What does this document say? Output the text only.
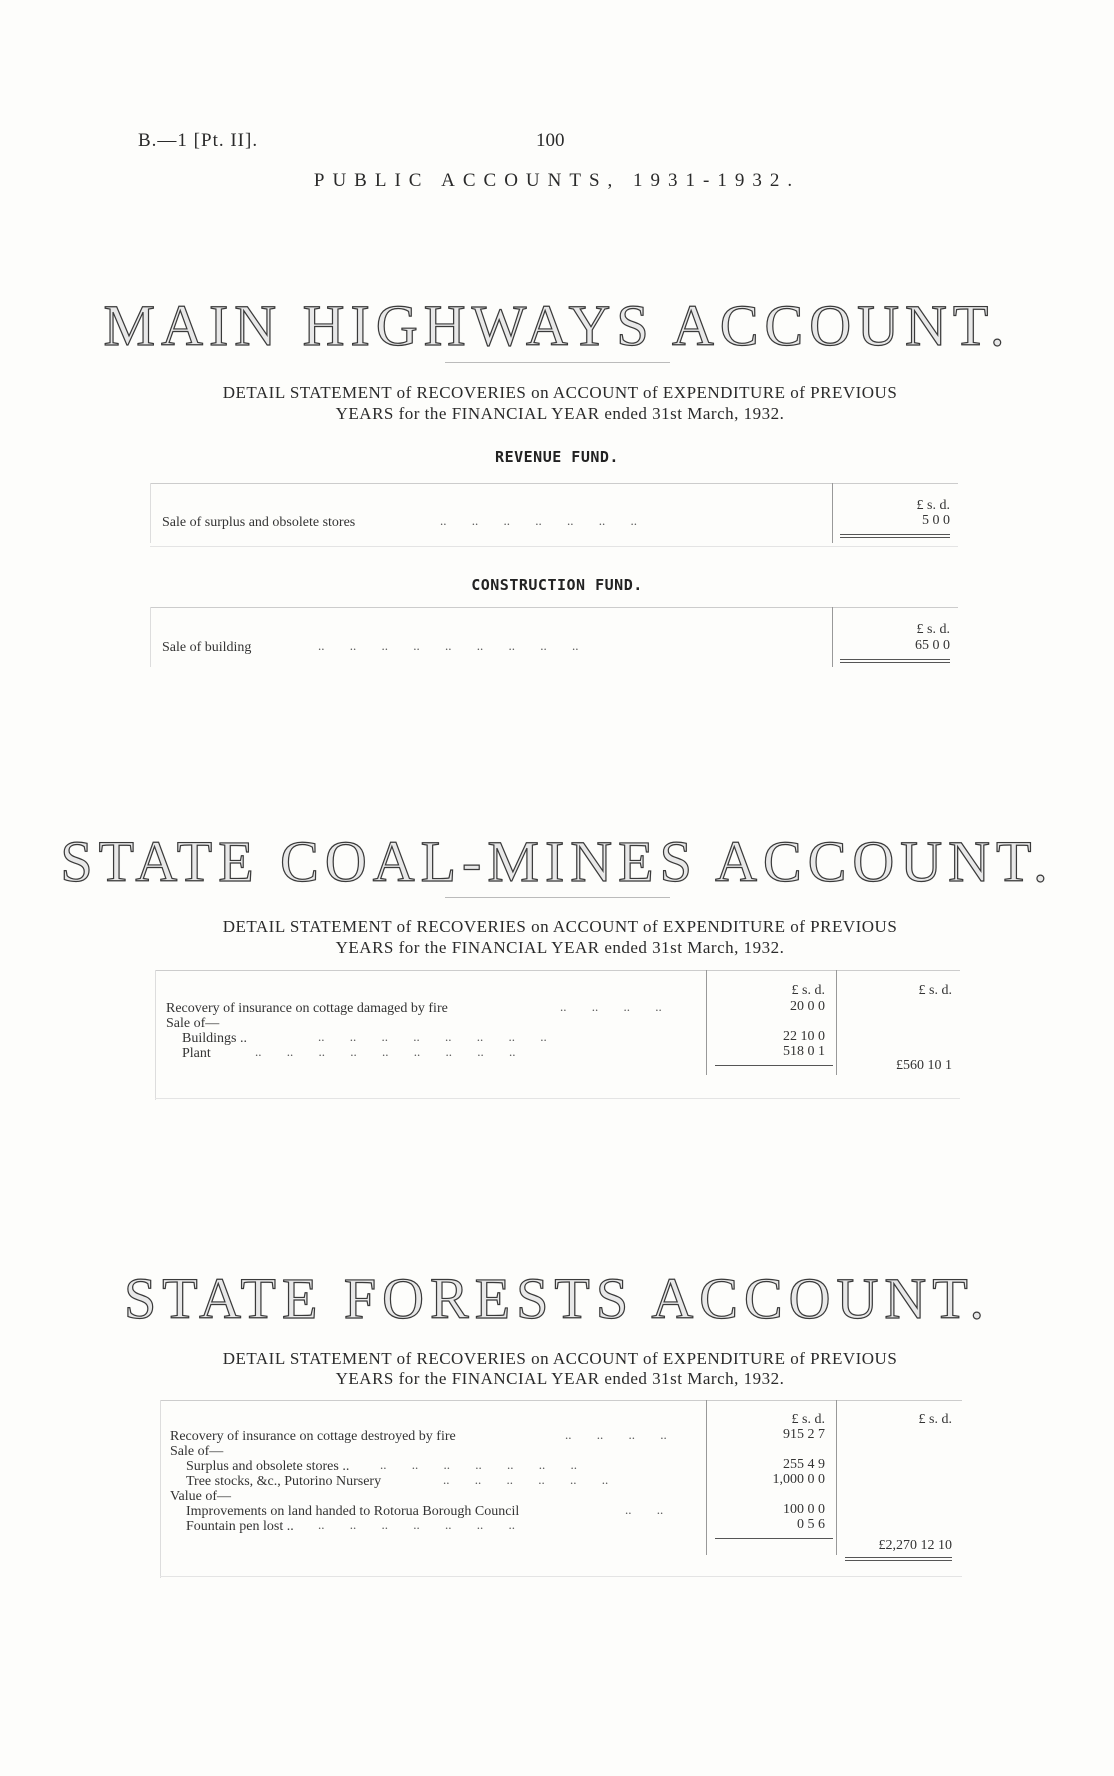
B.—1 [Pt. II].	100
PUBLIC ACCOUNTS, 1931-1932.
MAIN HIGHWAYS ACCOUNT.
DETAIL STATEMENT of RECOVERIES on ACCOUNT of EXPENDITURE of PREVIOUS
YEARS for the FINANCIAL YEAR ended 31st March, 1932.
REVENUE FUND.
£ s. d.
Sale of surplus and obsolete stores	.. .. .. .. .. .. ..	5 0 0
CONSTRUCTION FUND.
£ s. d.
Sale of building	.. .. .. .. .. .. .. .. ..	65 0 0
STATE COAL-MINES ACCOUNT.
DETAIL STATEMENT of RECOVERIES on ACCOUNT of EXPENDITURE of PREVIOUS
YEARS for the FINANCIAL YEAR ended 31st March, 1932.
£ s. d.	£ s. d.
Recovery of insurance on cottage damaged by fire	.. .. .. ..	20 0 0
Sale of—
Buildings ..	.. .. .. .. .. .. .. ..	22 10 0
Plant	.. .. .. .. .. .. .. .. ..	518 0 1
£560 10 1
STATE FORESTS ACCOUNT.
DETAIL STATEMENT of RECOVERIES on ACCOUNT of EXPENDITURE of PREVIOUS
YEARS for the FINANCIAL YEAR ended 31st March, 1932.
£ s. d.	£ s. d.
Recovery of insurance on cottage destroyed by fire	.. .. .. ..	915 2 7
Sale of—
Surplus and obsolete stores .. .. .. .. .. .. .. ..	255 4 9
Tree stocks, &c., Putorino Nursery	.. .. .. .. .. ..	1,000 0 0
Value of—
Improvements on land handed to Rotorua Borough Council	.. ..	100 0 0
Fountain pen lost .. .. .. .. .. .. .. ..	0 5 6
£2,270 12 10
